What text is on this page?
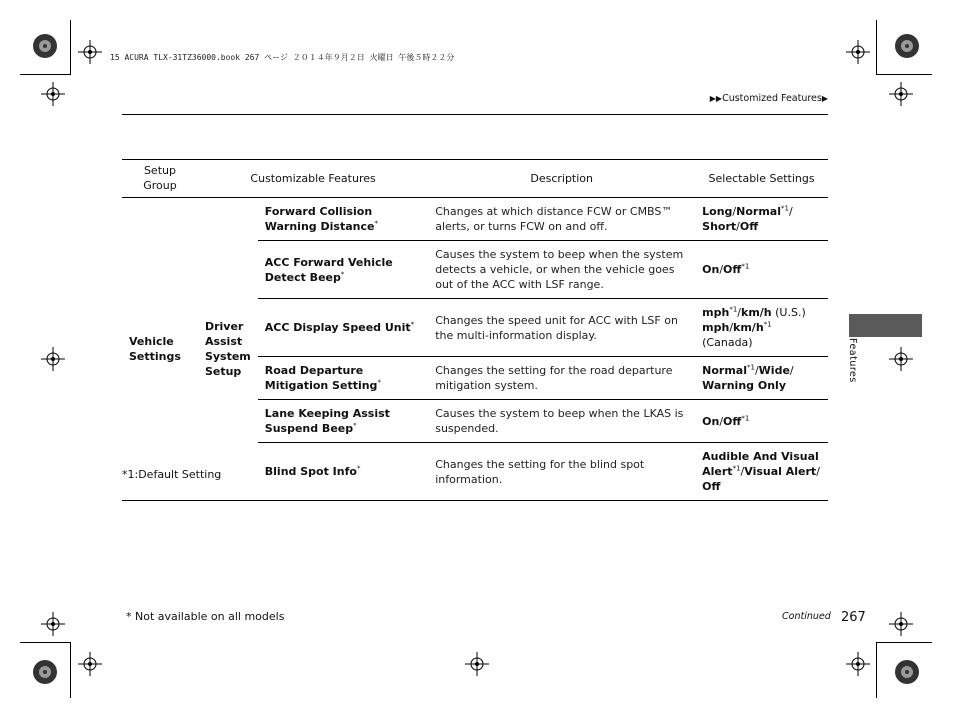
15 ACURA TLX-31TZ36000.book 267 ページ ２０１４年９月２日 火曜日 午後５時２２分
▶▶Customized Features▶
Features
Setup Group	Customizable Features		Description	Selectable Settings
Vehicle Settings	Driver Assist System Setup	Forward Collision Warning Distance*	Changes at which distance FCW or CMBS™ alerts, or turns FCW on and off.	Long/Normal$^{*1}$/
Short/Off
		ACC Forward Vehicle Detect Beep*	Causes the system to beep when the system detects a vehicle, or when the vehicle goes out of the ACC with LSF range.	On/Off$^{*1}$
		ACC Display Speed Unit*	Changes the speed unit for ACC with LSF on the multi-information display.	mph$^{*1}$/km/h (U.S.)
mph/$km/h^{*1}$ (Canada)
		Road Departure Mitigation Setting*	Changes the setting for the road departure mitigation system.	Normal$^{*1}$/Wide/
Warning Only
		Lane Keeping Assist Suspend Beep*	Causes the system to beep when the LKAS is suspended.	On/Off$^{*1}$
		Blind Spot Info*	Changes the setting for the blind spot information.	Audible And Visual Alert$^{*1}$/Visual Alert/
Off
*1:Default Setting
* Not available on all models	Continued 267
